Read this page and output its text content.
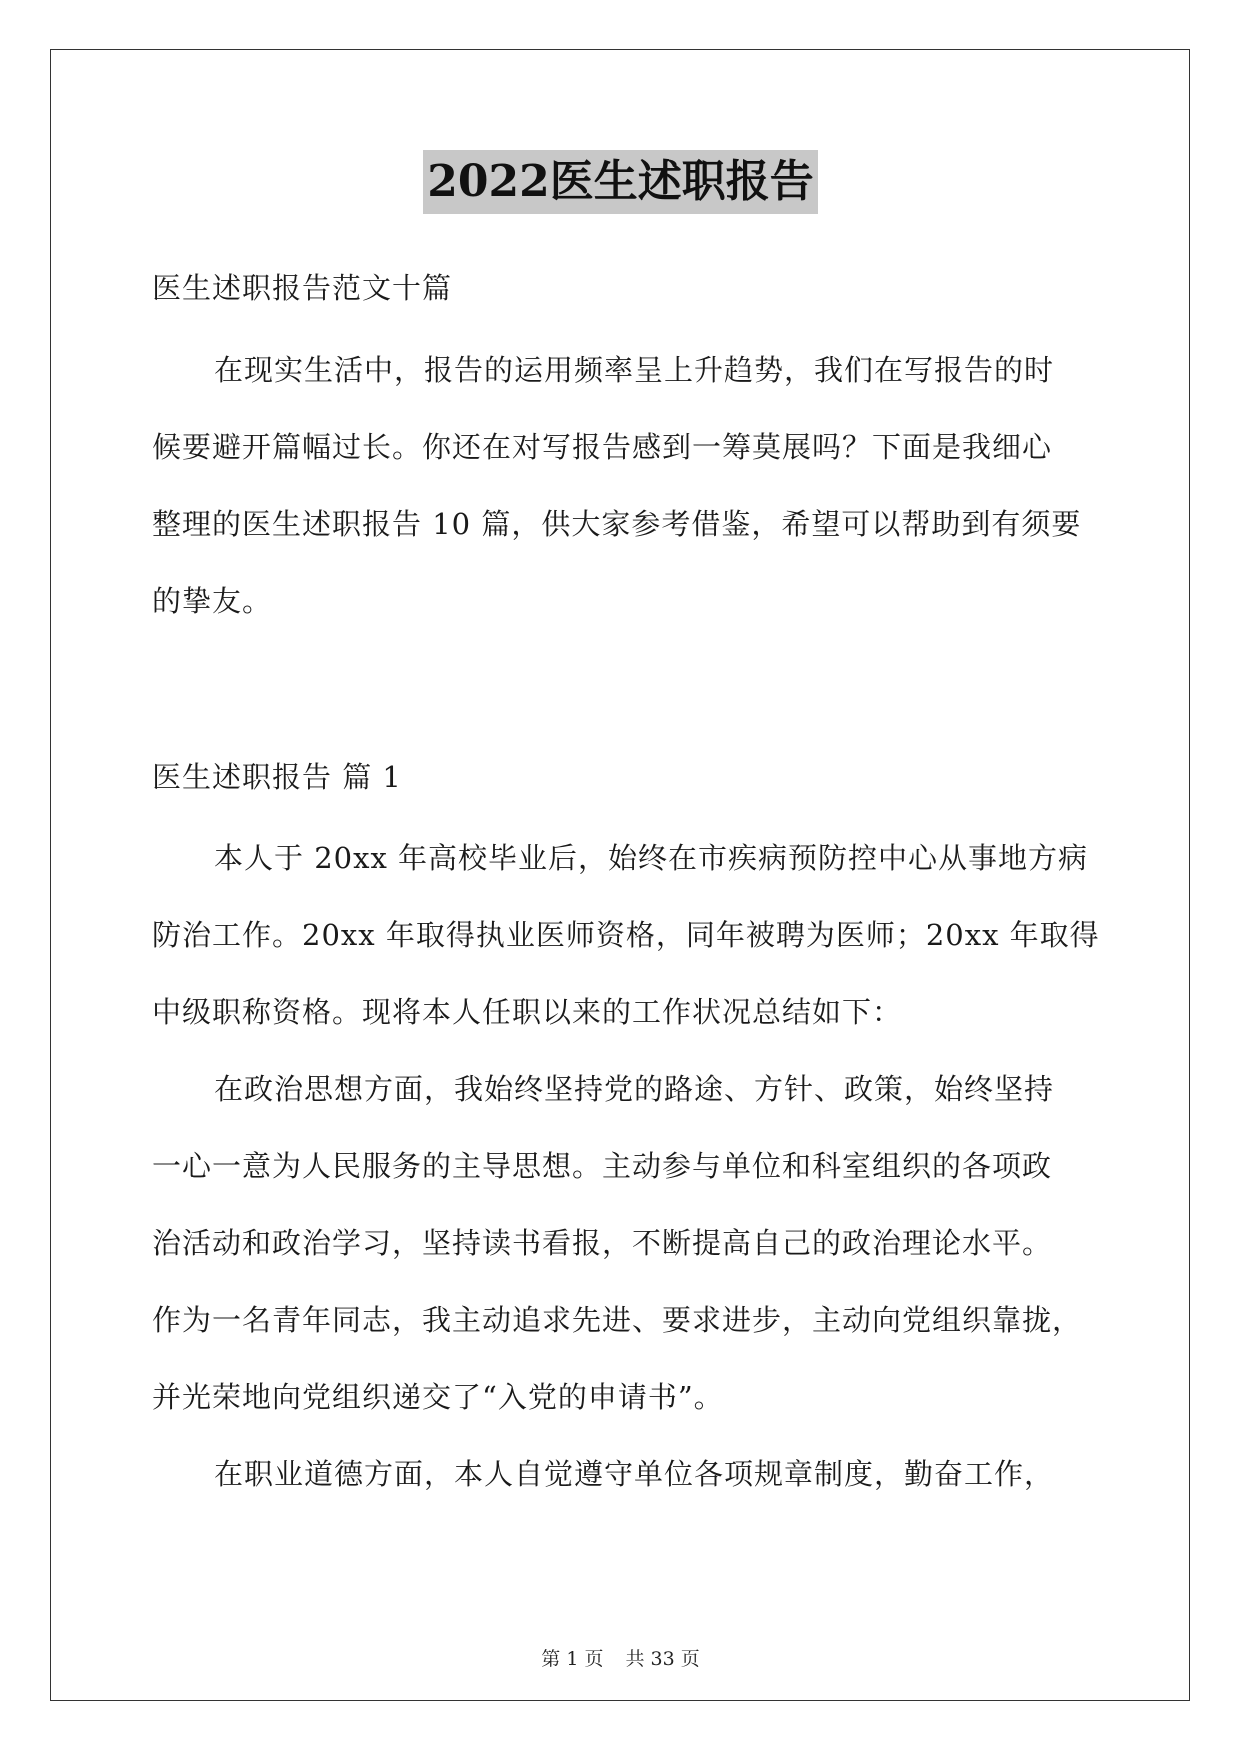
2022医生述职报告
医生述职报告范文十篇
在现实生活中，报告的运用频率呈上升趋势，我们在写报告的时
候要避开篇幅过长。你还在对写报告感到一筹莫展吗？下面是我细心
整理的医生述职报告 10 篇，供大家参考借鉴，希望可以帮助到有须要
的挚友。
医生述职报告 篇 1
本人于 20xx 年高校毕业后，始终在市疾病预防控中心从事地方病
防治工作。20xx 年取得执业医师资格，同年被聘为医师；20xx 年取得
中级职称资格。现将本人任职以来的工作状况总结如下：
在政治思想方面，我始终坚持党的路途、方针、政策，始终坚持
一心一意为人民服务的主导思想。主动参与单位和科室组织的各项政
治活动和政治学习，坚持读书看报，不断提高自己的政治理论水平。
作为一名青年同志，我主动追求先进、要求进步，主动向党组织靠拢，
并光荣地向党组织递交了“入党的申请书”。
在职业道德方面，本人自觉遵守单位各项规章制度，勤奋工作，
第 1 页 共 33 页
